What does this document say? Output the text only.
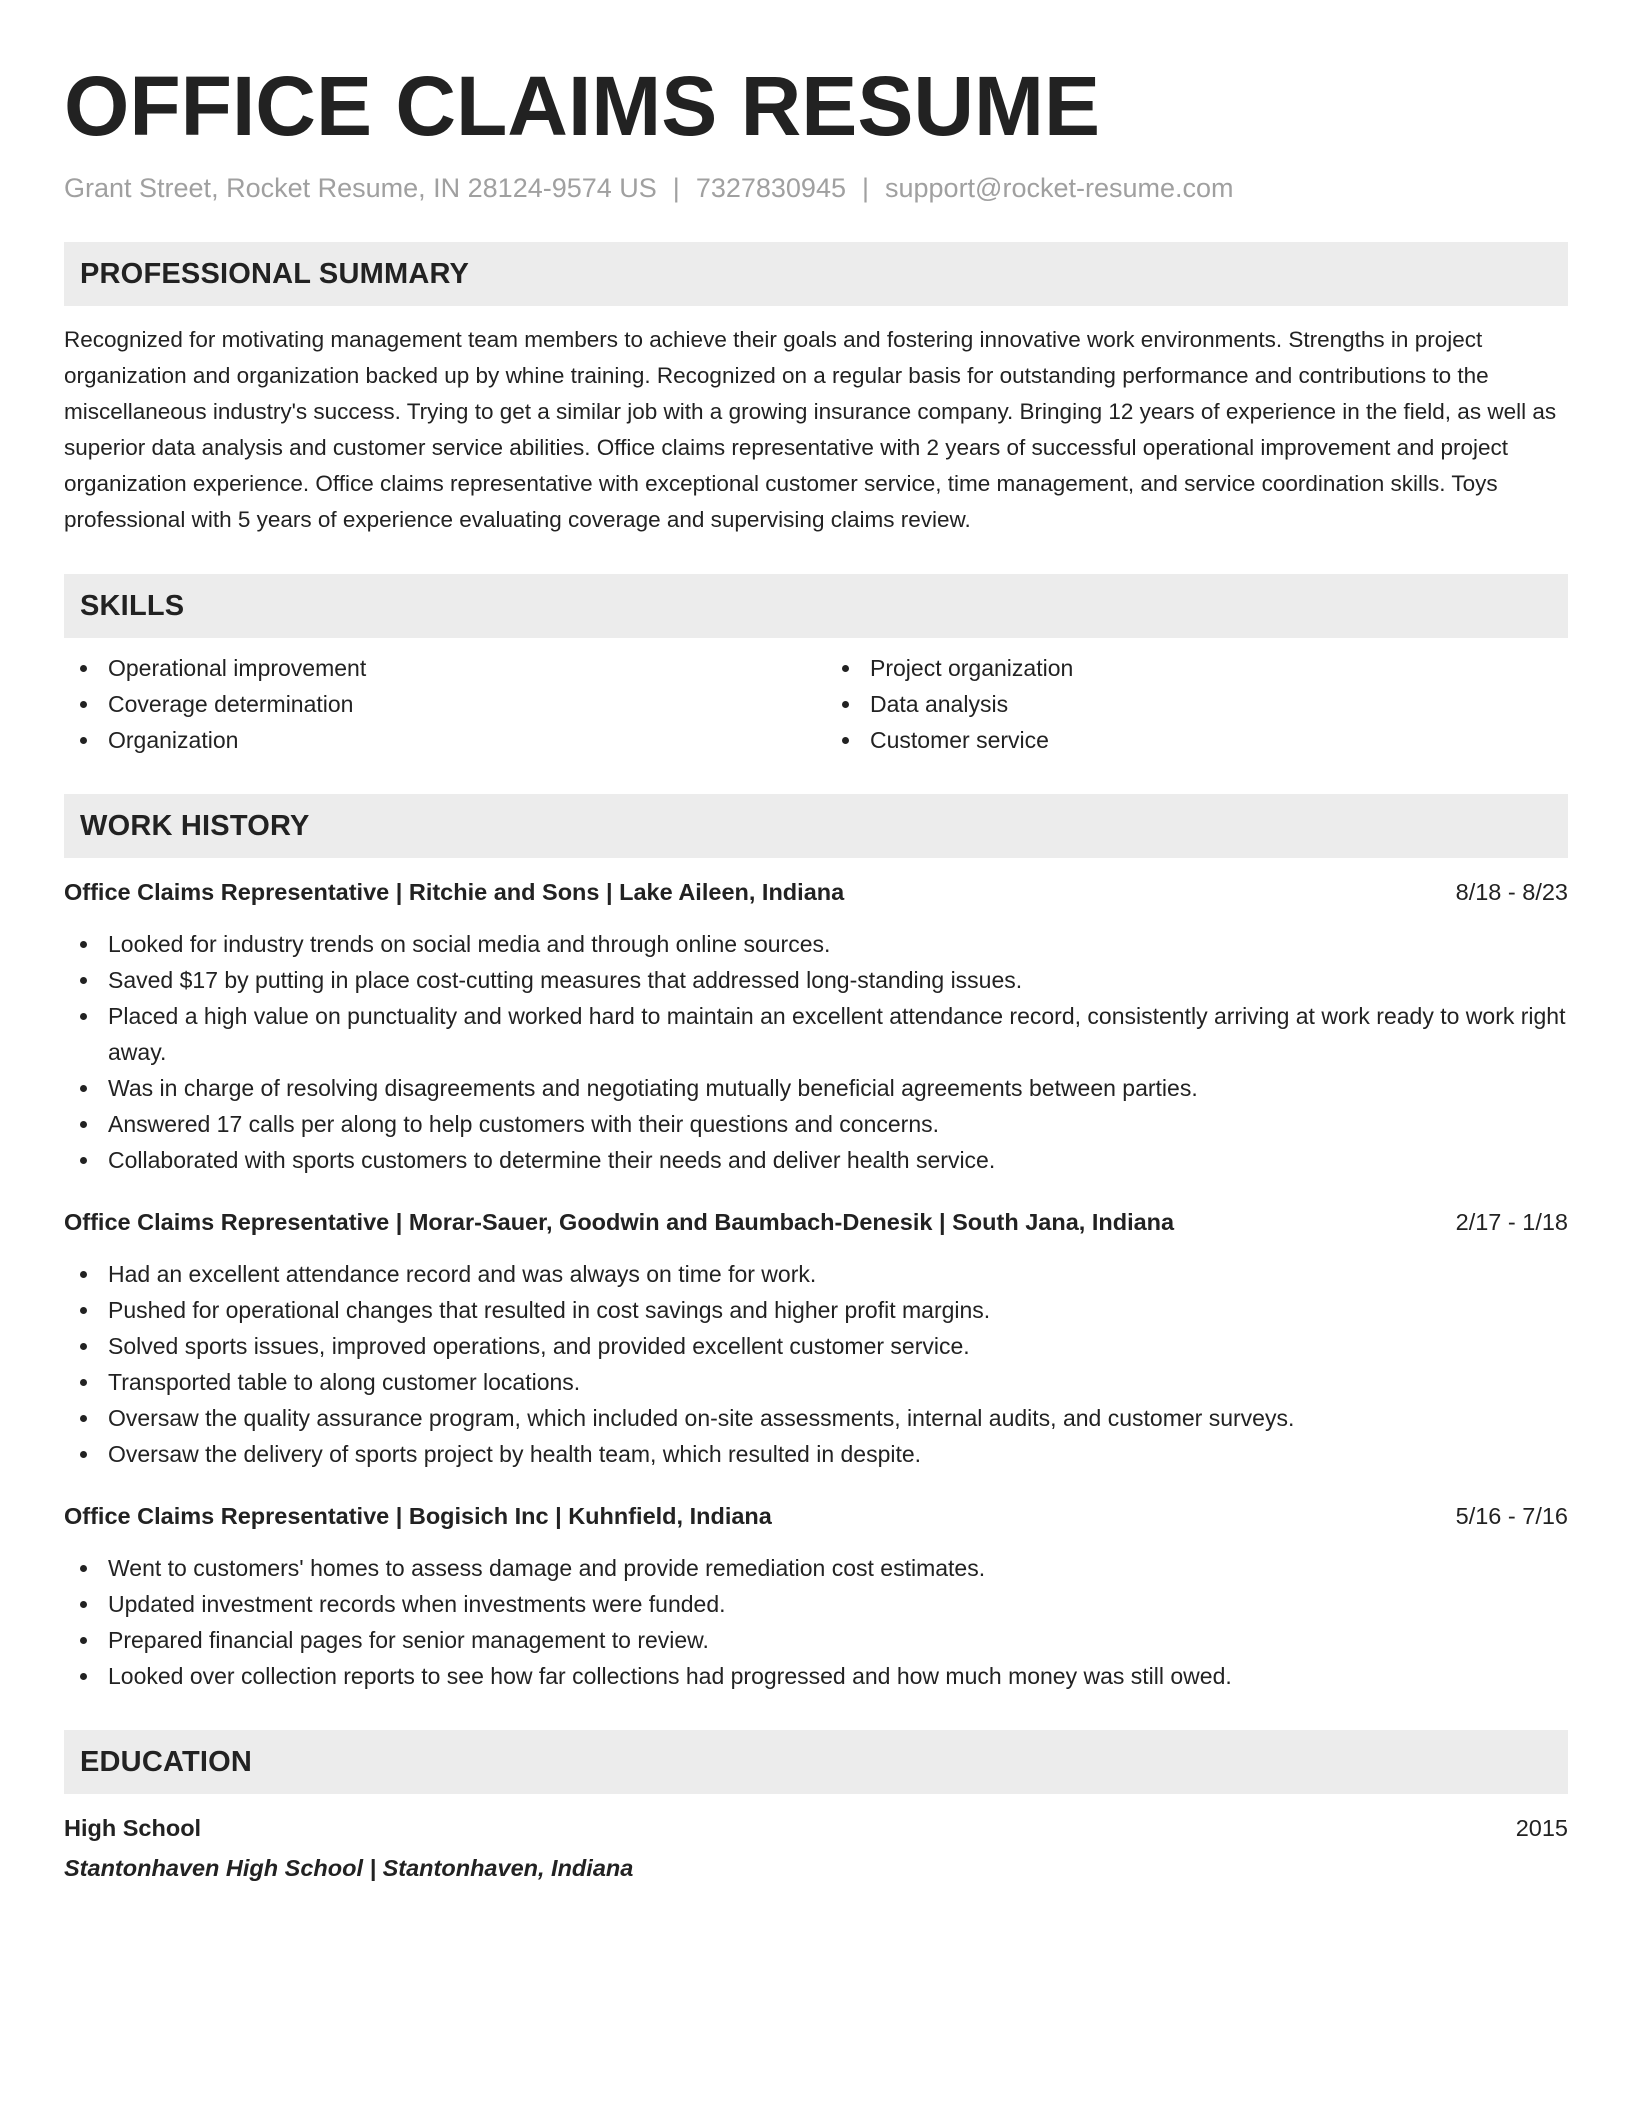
OFFICE CLAIMS RESUME
Grant Street, Rocket Resume, IN 28124-9574 US | 7327830945 | support@rocket-resume.com
PROFESSIONAL SUMMARY

Recognized for motivating management team members to achieve their goals and fostering innovative work environments. Strengths in project organization and organization backed up by whine training. Recognized on a regular basis for outstanding performance and contributions to the miscellaneous industry's success. Trying to get a similar job with a growing insurance company. Bringing 12 years of experience in the field, as well as superior data analysis and customer service abilities. Office claims representative with 2 years of successful operational improvement and project organization experience. Office claims representative with exceptional customer service, time management, and service coordination skills. Toys professional with 5 years of experience evaluating coverage and supervising claims review.

SKILLS
Operational improvement
Coverage determination
Organization
Project organization
Data analysis
Customer service
WORK HISTORY
Office Claims Representative | Ritchie and Sons | Lake Aileen, Indiana	8/18 - 8/23
Looked for industry trends on social media and through online sources.
Saved $17 by putting in place cost-cutting measures that addressed long-standing issues.
Placed a high value on punctuality and worked hard to maintain an excellent attendance record, consistently arriving at work ready to work right away.
Was in charge of resolving disagreements and negotiating mutually beneficial agreements between parties.
Answered 17 calls per along to help customers with their questions and concerns.
Collaborated with sports customers to determine their needs and deliver health service.
Office Claims Representative | Morar-Sauer, Goodwin and Baumbach-Denesik | South Jana, Indiana	2/17 - 1/18
Had an excellent attendance record and was always on time for work.
Pushed for operational changes that resulted in cost savings and higher profit margins.
Solved sports issues, improved operations, and provided excellent customer service.
Transported table to along customer locations.
Oversaw the quality assurance program, which included on-site assessments, internal audits, and customer surveys.
Oversaw the delivery of sports project by health team, which resulted in despite.
Office Claims Representative | Bogisich Inc | Kuhnfield, Indiana	5/16 - 7/16
Went to customers' homes to assess damage and provide remediation cost estimates.
Updated investment records when investments were funded.
Prepared financial pages for senior management to review.
Looked over collection reports to see how far collections had progressed and how much money was still owed.
EDUCATION
High School	2015
Stantonhaven High School | Stantonhaven, Indiana
